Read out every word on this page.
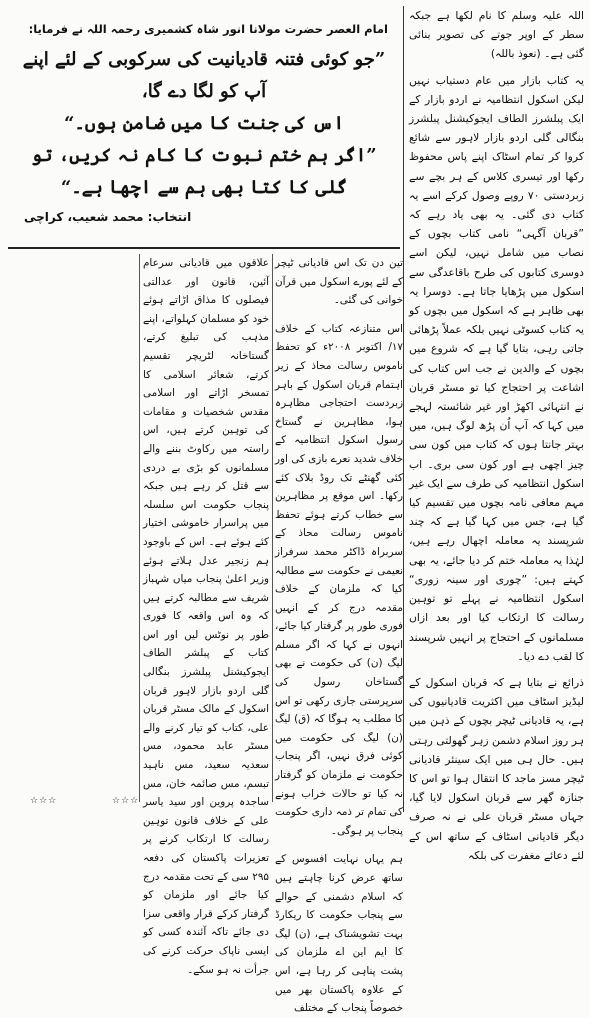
اللہ علیہ وسلم کا نام لکھا ہے جبکہ سطر کے اوپر جوتے کی تصویر بنائی گئی ہے۔ (نعوذ باللہ)

یہ کتاب بازار میں عام دستیاب نہیں لیکن اسکول انتظامیہ نے اردو بازار کے ایک پبلشرز الطاف ایجوکیشنل پبلشرز بنگالی گلی اردو بازار لاہور سے شائع کروا کر تمام اسٹاک اپنے پاس محفوظ رکھا اور تیسری کلاس کے ہر بچے سے زبردستی ۷۰ روپے وصول کرکے اسے یہ کتاب دی گئی۔ یہ بھی یاد رہے کہ ”قربان آگہی“ نامی کتاب بچوں کے نصاب میں شامل نہیں، لیکن اسے دوسری کتابوں کی طرح باقاعدگی سے اسکول میں پڑھایا جاتا ہے۔ دوسرا یہ بھی ظاہر ہے کہ اسکول میں بچوں کو یہ کتاب کسوٹی نہیں بلکہ عملاً پڑھائی جاتی رہی، بتایا گیا ہے کہ شروع میں بچوں کے والدین نے جب اس کتاب کی اشاعت پر احتجاج کیا تو مسٹر قربان نے انتہائی اکھڑ اور غیر شائستہ لہجے میں کہا کہ آپ اُن پڑھ لوگ ہیں، میں بہتر جانتا ہوں کہ کتاب میں کون سی چیز اچھی ہے اور کون سی بری۔ اب اسکول انتظامیہ کی طرف سے ایک غیر مہم معافی نامہ بچوں میں تقسیم کیا گیا ہے، جس میں کہا گیا ہے کہ چند شرپسند یہ معاملہ اچھال رہے ہیں، لہٰذا یہ معاملہ ختم کر دیا جائے، یہ بھی کہتے ہیں: ”چوری اور سینہ زوری“ اسکول انتظامیہ نے پہلے تو توہین رسالت کا ارتکاب کیا اور بعد ازاں مسلمانوں کے احتجاج پر انہیں شرپسند کا لقب دے دیا۔

ذرائع نے بتایا ہے کہ قربان اسکول کے لیڈیز اسٹاف میں اکثریت قادیانیوں کی ہے، یہ قادیانی ٹیچر بچوں کے ذہن میں ہر روز اسلام دشمن زہر گھولتی رہتی ہیں۔ حال ہی میں ایک سینئر قادیانی ٹیچر مسز ماجد کا انتقال ہوا تو اس کا جنازہ گھر سے قربان اسکول لایا گیا، جہاں مسٹر قربان علی نے نہ صرف دیگر قادیانی اسٹاف کے ساتھ اس کے لئے دعائے مغفرت کی بلکہ

امام العصر حضرت مولانا انور شاہ کشمیری رحمہ اللہ نے فرمایا:
”جو کوئی فتنہ قادیانیت کی سرکوبی کے لئے اپنے آپ کو لگا دے گا،
اس کی جنت کا میں ضامن ہوں۔“
”اگر ہم ختم نبوت کا کام نہ کریں، تو گلی کا کتا بھی ہم سے اچھا ہے۔“
انتخاب: محمد شعیب، کراچی

تین دن تک اس قادیانی ٹیچر کے لئے پورے اسکول میں قرآن خوانی کی گئی۔

اس متنازعہ کتاب کے خلاف ۱۷/ اکتوبر ۲۰۰۸ء کو تحفظ ناموس رسالت محاذ کے زیر اہتمام قربان اسکول کے باہر زبردست احتجاجی مظاہرہ ہوا، مظاہرین نے گستاخ رسول اسکول انتظامیہ کے خلاف شدید نعرے بازی کی اور کئی گھنٹے تک روڈ بلاک کئے رکھا۔ اس موقع پر مظاہرین سے خطاب کرتے ہوئے تحفظ ناموس رسالت محاذ کے سربراہ ڈاکٹر محمد سرفراز نعیمی نے حکومت سے مطالبہ کیا کہ ملزمان کے خلاف مقدمہ درج کر کے انہیں فوری طور پر گرفتار کیا جائے، انہوں نے کہا کہ اگر مسلم لیگ (ن) کی حکومت نے بھی گستاخان رسول کی سرپرستی جاری رکھی تو اس کا مطلب یہ ہوگا کہ (ق) لیگ (ن) لیگ کی حکومت میں کوئی فرق نہیں، اگر پنجاب حکومت نے ملزمان کو گرفتار نہ کیا تو حالات خراب ہونے کی تمام تر ذمہ داری حکومت پنجاب پر ہوگی۔

ہم یہاں نہایت افسوس کے ساتھ عرض کرنا چاہتے ہیں کہ اسلام دشمنی کے حوالے سے پنجاب حکومت کا ریکارڈ بہت تشویشناک ہے، (ن) لیگ کا ایم این اے ملزمان کی پشت پناہی کر رہا ہے، اس کے علاوہ پاکستان بھر میں خصوصاً پنجاب کے مختلف

علاقوں میں قادیانی سرعام آئین، قانون اور عدالتی فیصلوں کا مذاق اڑاتے ہوئے خود کو مسلمان کہلواتے، اپنے مذہب کی تبلیغ کرتے، گستاخانہ لٹریچر تقسیم کرتے، شعائر اسلامی کا تمسخر اڑاتے اور اسلامی مقدس شخصیات و مقامات کی توہین کرتے ہیں، اس راستہ میں رکاوٹ بننے والے مسلمانوں کو بڑی بے دردی سے قتل کر رہے ہیں جبکہ پنجاب حکومت اس سلسلہ میں پراسرار خاموشی اختیار کئے ہوئے ہے۔ اس کے باوجود ہم زنجیر عدل ہلاتے ہوئے وزیر اعلیٰ پنجاب میاں شہباز شریف سے مطالبہ کرتے ہیں کہ وہ اس واقعہ کا فوری طور پر نوٹس لیں اور اس کتاب کے پبلشر الطاف ایجوکیشنل پبلشرز بنگالی گلی اردو بازار لاہور قربان اسکول کے مالک مسٹر قربان علی، کتاب کو تیار کرنے والے مسٹر عابد محمود، مس سعدیہ سعید، مس ناہید تبسم، مس صائمہ خان، مس ساجدہ پروین اور سید یاسر علی کے خلاف قانون توہین رسالت کا ارتکاب کرنے پر تعزیرات پاکستان کی دفعہ ۲۹۵ سی کے تحت مقدمہ درج کیا جائے اور ملزمان کو گرفتار کرکے قرار واقعی سزا دی جائے تاکہ آئندہ کسی کو ایسی ناپاک حرکت کرنے کی جرأت نہ ہو سکے۔

☆☆☆	☆☆☆
